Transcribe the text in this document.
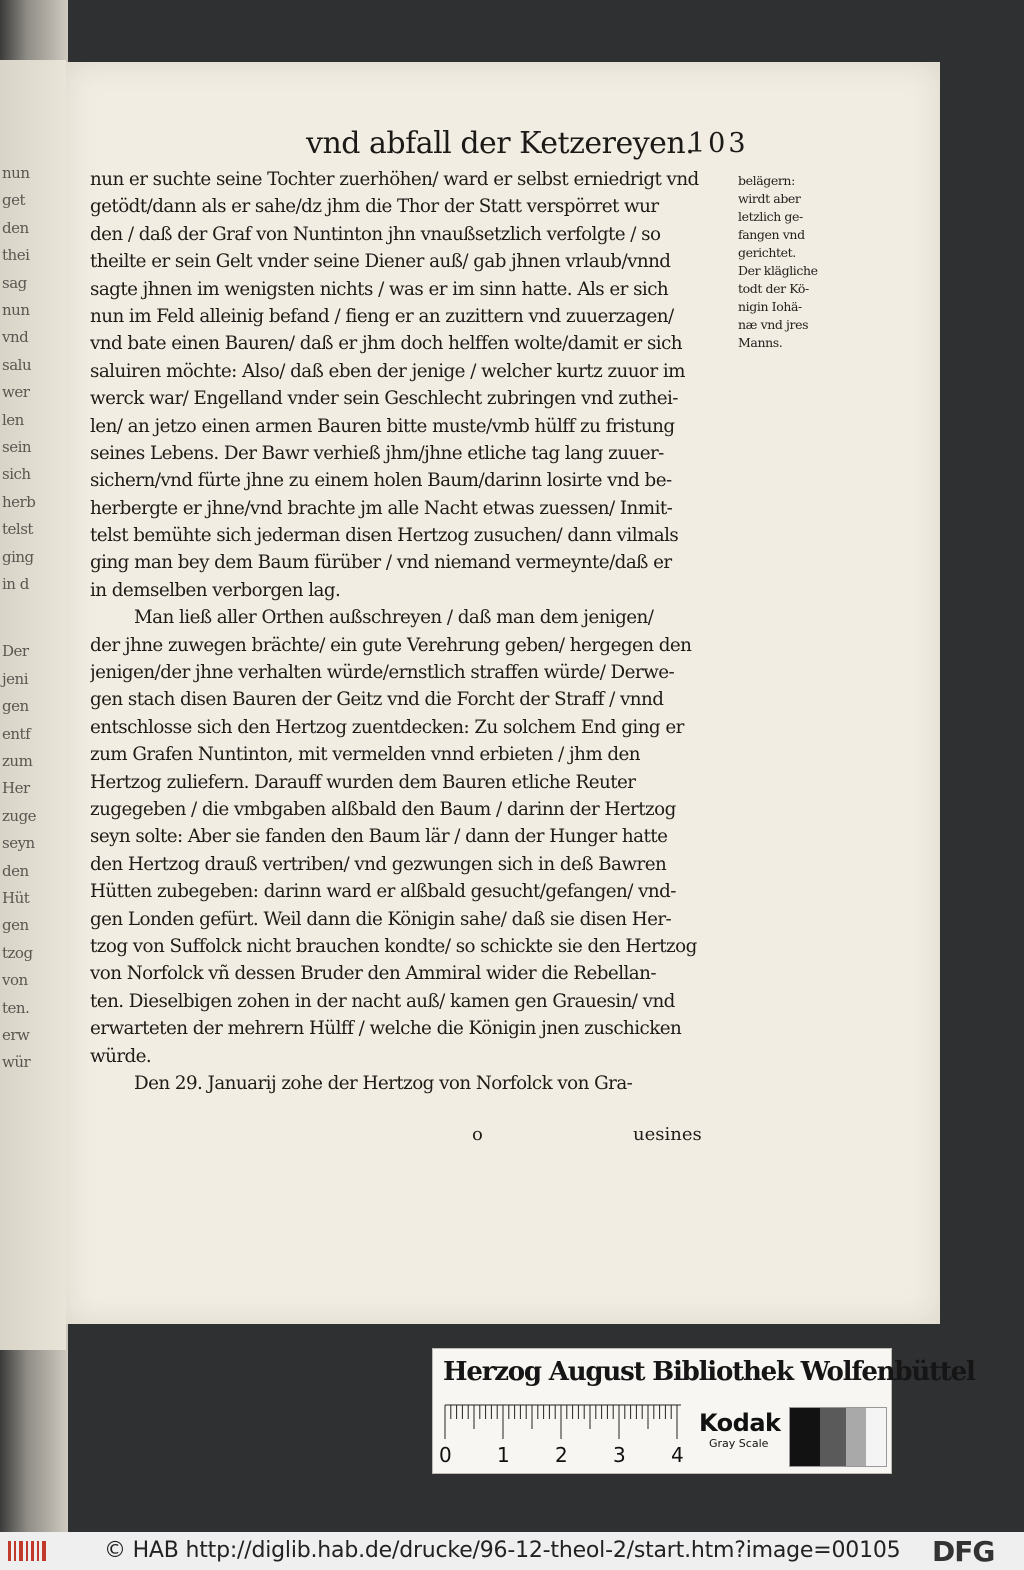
nun
get
den
thei
sag
nun
vnd
salu
wer
len
sein
sich
herb
telst
ging
in d
Der
jeni
gen
entf
zum
Her
zuge
seyn
den
Hüt
gen
tzog
von
ten.
erw
wür
vnd abfall der Ketzereyen.
103
nun er suchte seine Tochter zuerhöhen/ ward er selbst erniedrigt vnd
getödt/dann als er sahe/dz jhm die Thor der Statt verspörret wur
den / daß der Graf von Nuntinton jhn vnaußsetzlich verfolgte / so
theilte er sein Gelt vnder seine Diener auß/ gab jhnen vrlaub/vnnd
sagte jhnen im wenigsten nichts / was er im sinn hatte. Als er sich
nun im Feld alleinig befand / fieng er an zuzittern vnd zuuerzagen/
vnd bate einen Bauren/ daß er jhm doch helffen wolte/damit er sich
saluiren möchte: Also/ daß eben der jenige / welcher kurtz zuuor im
werck war/ Engelland vnder sein Geschlecht zubringen vnd zuthei-
len/ an jetzo einen armen Bauren bitte muste/vmb hülff zu fristung
seines Lebens. Der Bawr verhieß jhm/jhne etliche tag lang zuuer-
sichern/vnd fürte jhne zu einem holen Baum/darinn losirte vnd be-
herbergte er jhne/vnd brachte jm alle Nacht etwas zuessen/ Inmit-
telst bemühte sich jederman disen Hertzog zusuchen/ dann vilmals
ging man bey dem Baum fürüber / vnd niemand vermeynte/daß er
in demselben verborgen lag.
Man ließ aller Orthen außschreyen / daß man dem jenigen/
der jhne zuwegen brächte/ ein gute Verehrung geben/ hergegen den
jenigen/der jhne verhalten würde/ernstlich straffen würde/ Derwe-
gen stach disen Bauren der Geitz vnd die Forcht der Straff / vnnd
entschlosse sich den Hertzog zuentdecken: Zu solchem End ging er
zum Grafen Nuntinton, mit vermelden vnnd erbieten / jhm den
Hertzog zuliefern. Darauff wurden dem Bauren etliche Reuter
zugegeben / die vmbgaben alßbald den Baum / darinn der Hertzog
seyn solte: Aber sie fanden den Baum lär / dann der Hunger hatte
den Hertzog drauß vertriben/ vnd gezwungen sich in deß Bawren
Hütten zubegeben: darinn ward er alßbald gesucht/gefangen/ vnd-
gen Londen gefürt. Weil dann die Königin sahe/ daß sie disen Her-
tzog von Suffolck nicht brauchen kondte/ so schickte sie den Hertzog
von Norfolck vñ dessen Bruder den Ammiral wider die Rebellan-
ten. Dieselbigen zohen in der nacht auß/ kamen gen Grauesin/ vnd
erwarteten der mehrern Hülff / welche die Königin jnen zuschicken
würde.
Den 29. Januarij zohe der Hertzog von Norfolck von Gra-
belägern:
wirdt aber
letzlich ge-
fangen vnd
gerichtet.
Der klägliche
todt der Kö-
nigin Iohä-
næ vnd jres
Manns.
o	uesines
Herzog August Bibliothek Wolfenbüttel
0 1 2 3 4
Kodak
Gray Scale
© HAB http://diglib.hab.de/drucke/96-12-theol-2/start.htm?image=00105 DFG
